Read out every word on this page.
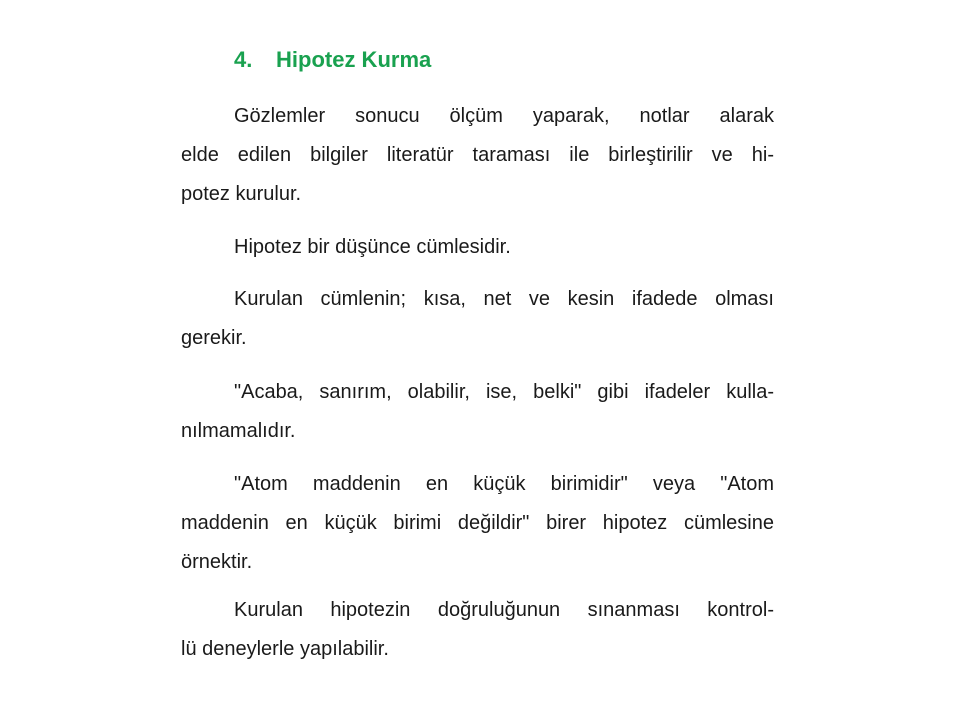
4.	Hipotez Kurma
Gözlemler sonucu ölçüm yaparak, notlar alarak
elde edilen bilgiler literatür taraması ile birleştirilir ve hi-
potez kurulur.
Hipotez bir düşünce cümlesidir.
Kurulan cümlenin; kısa, net ve kesin ifadede olması
gerekir.
"Acaba, sanırım, olabilir, ise, belki" gibi ifadeler kulla-
nılmamalıdır.
"Atom maddenin en küçük birimidir" veya "Atom
maddenin en küçük birimi değildir" birer hipotez cümlesine
örnektir.
Kurulan hipotezin doğruluğunun sınanması kontrol-
lü deneylerle yapılabilir.
